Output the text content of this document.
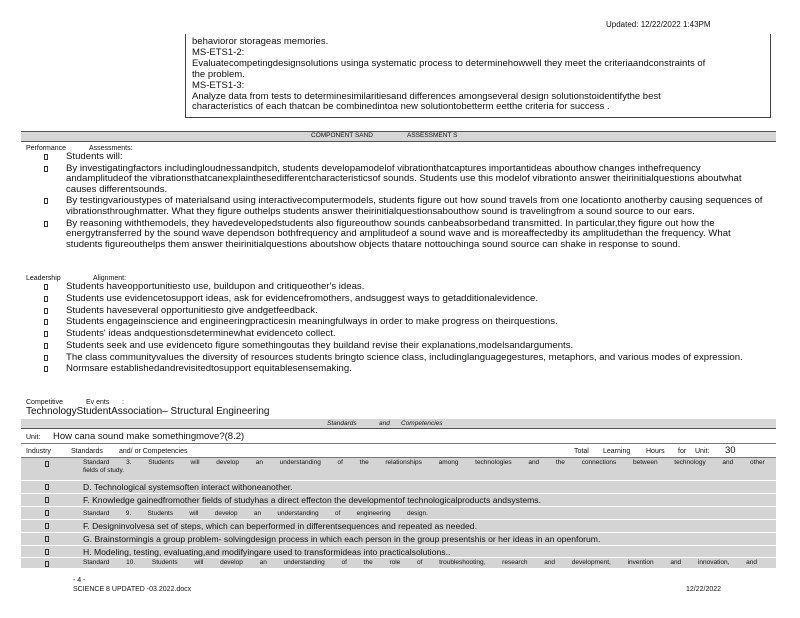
Updated: 12/22/2022 1:43PM
behavioror storageas memories.
MS-ETS1-2:
Evaluatecompetingdesignsolutions usinga systematic process to determinehowwell they meet the criteriaandconstraints of
the problem.
MS-ETS1-3:
Analyze data from tests to determinesimilaritiesand differences amongseveral design solutionstoidentifythe best
characteristics of each thatcan be combinedintoa new solutiontobetterm eetthe criteria for success .
COMPONENT SAND	ASSESSMENT S
Performance	Assessments:
Students will:
By investigatingfactors includingloudnessandpitch, students developamodelof vibrationthatcaptures importantideas abouthow changes inthefrequency andamplitudeof the vibrationsthatcanexplainthesedifferentcharacteristicsof sounds. Students use this modelof vibrationto answer theirinitialquestions aboutwhat causes differentsounds.
By testingvarioustypes of materialsand using interactivecomputermodels, students figure out how sound travels from one locationto anotherby causing sequences of vibrationsthroughmatter. What they figure outhelps students answer theirinitialquestionsabouthow sound is travelingfrom a sound source to our ears.
By reasoning withthemodels, they havedevelopedstudents also figureouthow sounds canbeabsorbedand transmitted. In particular,they figure out how the energytransferred by the sound wave dependson bothfrequency and amplitudeof a sound wave and is moreaffectedby its amplitudethan the frequency. What students figureouthelps them answer theirinitialquestions aboutshow objects thatare nottouchinga sound source can shake in response to sound.
Leadership	Alignment:
Students haveopportunitiesto use, buildupon and critiqueother's ideas.
Students use evidencetosupport ideas, ask for evidencefromothers, andsuggest ways to getadditionalevidence.
Students haveseveral opportunitiesto give andgetfeedback.
Students engageinscience and engineeringpracticesin meaningfulways in order to make progress on theirquestions.
Students' ideas andquestionsdeterminewhat evidenceto collect.
Students seek and use evidenceto figure somethingoutas they buildand revise their explanations,modelsandarguments.
The class communityvalues the diversity of resources students bringto science class, includinglanguagegestures, metaphors, and various modes of expression.
Normsare establishedandrevisitedtosupport equitablesensemaking.
Competitive	Ev ents :
TechnologyStudentAssociation– Structural Engineering
Standards	and Competencies
Unit: How cana sound make somethingmove?(8.2)
Industry	Standards and/ or Competencies	Total Learning Hours for Unit: 30
Standard	3.	Students	will	develop	an	understanding	of	the	relationships	among	technologies	and	the	connections	between	technology	and	other
fields of study.
D. Technological systemsoften interact withoneanother.
F. Knowledge gainedfromother fields of studyhas a direct effecton the developmentof technologicalproducts andsystems.
Standard	9.	Students	will	develop	an	understanding	of	engineering	design.
F. Designinvolvesa set of steps, which can beperformed in differentsequences and repeated as needed.
G. Brainstormingis a group problem- solvingdesign process in which each person in the group presentshis or her ideas in an openforum.
H. Modeling, testing, evaluating,and modifyingare used to transformideas into practicalsolutions..
Standard	10.	Students	will	develop	an	understanding	of	the	role	of	troubleshooting,	research	and	development,	invention	and	innovation,	and
- 4 -
SCIENCE 8 UPDATED -03.2022.docx	12/22/2022
